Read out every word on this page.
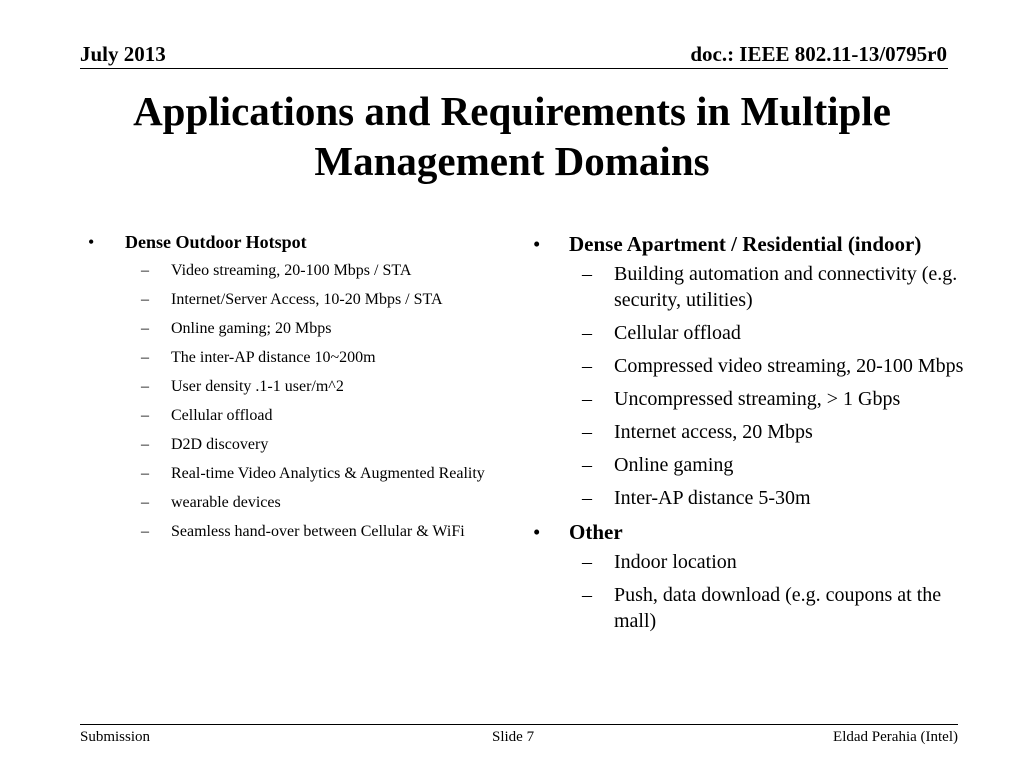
July 2013	doc.: IEEE 802.11-13/0795r0
Applications and Requirements in Multiple
Management Domains
•	Dense Outdoor Hotspot
– Video streaming, 20-100 Mbps / STA
– Internet/Server Access, 10-20 Mbps / STA
– Online gaming; 20 Mbps
– The inter-AP distance 10~200m
– User density .1-1 user/m^2
– Cellular offload
– D2D discovery
– Real-time Video Analytics & Augmented Reality
– wearable devices
– Seamless hand-over between Cellular & WiFi
•	Dense Apartment / Residential (indoor)
– Building automation and connectivity (e.g. security, utilities)
– Cellular offload
– Compressed video streaming, 20-100 Mbps
– Uncompressed streaming, > 1 Gbps
– Internet access, 20 Mbps
– Online gaming
– Inter-AP distance 5-30m
•	Other
– Indoor location
– Push, data download (e.g. coupons at the mall)
Submission	Slide 7	Eldad Perahia (Intel)
